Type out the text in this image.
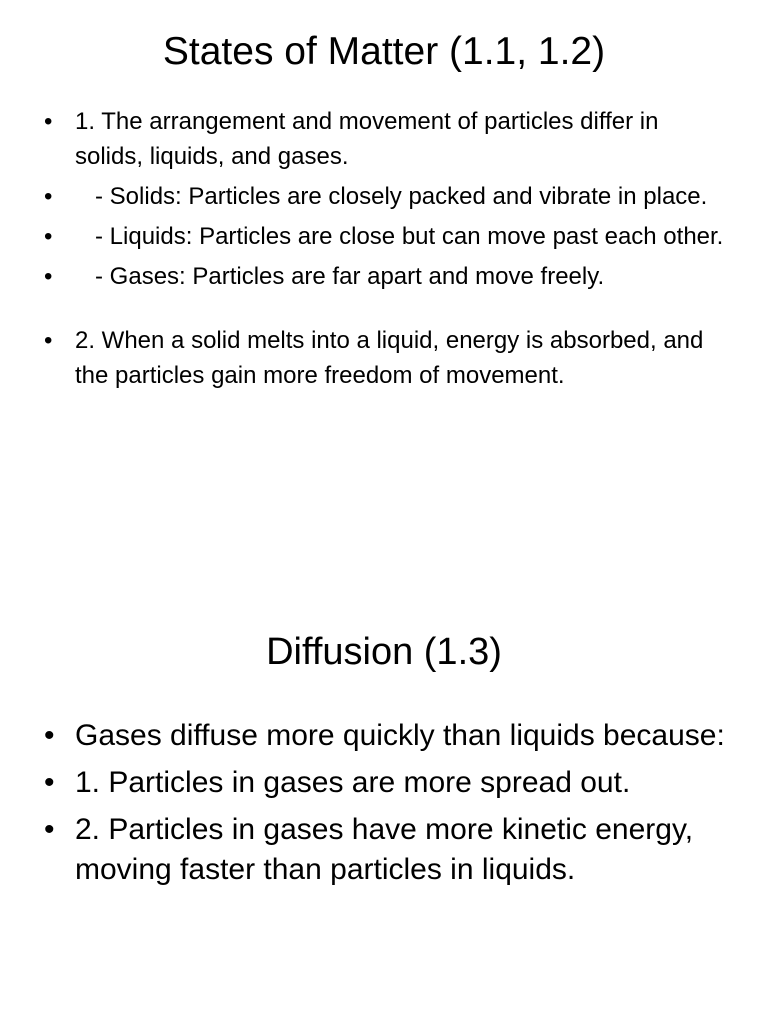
States of Matter (1.1, 1.2)
• 1. The arrangement and movement of particles differ in solids, liquids, and gases.
• - Solids: Particles are closely packed and vibrate in place.
• - Liquids: Particles are close but can move past each other.
• - Gases: Particles are far apart and move freely.
• 2. When a solid melts into a liquid, energy is absorbed, and the particles gain more freedom of movement.
Diffusion (1.3)
• Gases diffuse more quickly than liquids because:
• 1. Particles in gases are more spread out.
• 2. Particles in gases have more kinetic energy, moving faster than particles in liquids.
